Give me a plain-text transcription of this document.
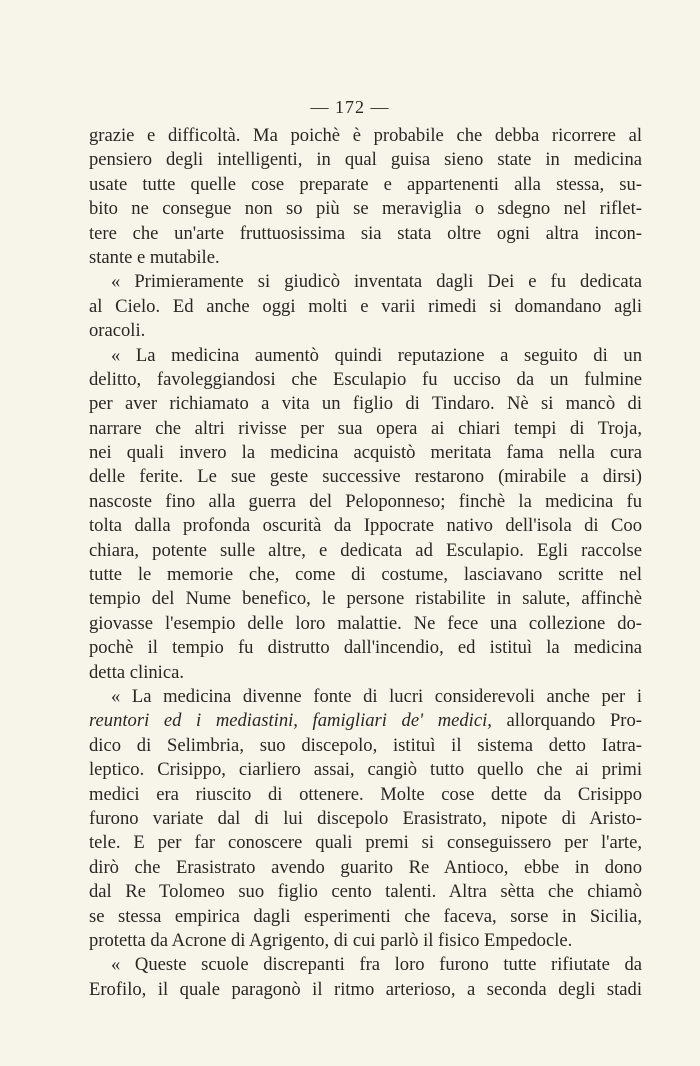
— 172 —
grazie e difficoltà. Ma poichè è probabile che debba ricorrere al
pensiero degli intelligenti, in qual guisa sieno state in medicina
usate tutte quelle cose preparate e appartenenti alla stessa, su-
bito ne consegue non so più se meraviglia o sdegno nel riflet-
tere che un'arte fruttuosissima sia stata oltre ogni altra incon-
stante e mutabile.
« Primieramente si giudicò inventata dagli Dei e fu dedicata
al Cielo. Ed anche oggi molti e varii rimedi si domandano agli
oracoli.
« La medicina aumentò quindi reputazione a seguito di un
delitto, favoleggiandosi che Esculapio fu ucciso da un fulmine
per aver richiamato a vita un figlio di Tindaro. Nè si mancò di
narrare che altri rivisse per sua opera ai chiari tempi di Troja,
nei quali invero la medicina acquistò meritata fama nella cura
delle ferite. Le sue geste successive restarono (mirabile a dirsi)
nascoste fino alla guerra del Peloponneso; finchè la medicina fu
tolta dalla profonda oscurità da Ippocrate nativo dell'isola di Coo
chiara, potente sulle altre, e dedicata ad Esculapio. Egli raccolse
tutte le memorie che, come di costume, lasciavano scritte nel
tempio del Nume benefico, le persone ristabilite in salute, affinchè
giovasse l'esempio delle loro malattie. Ne fece una collezione do-
pochè il tempio fu distrutto dall'incendio, ed istituì la medicina
detta clinica.
« La medicina divenne fonte di lucri considerevoli anche per i
reuntori ed i mediastini, famigliari de' medici, allorquando Pro-
dico di Selimbria, suo discepolo, istituì il sistema detto Iatra-
leptico. Crisippo, ciarliero assai, cangiò tutto quello che ai primi
medici era riuscito di ottenere. Molte cose dette da Crisippo
furono variate dal di lui discepolo Erasistrato, nipote di Aristo-
tele. E per far conoscere quali premi si conseguissero per l'arte,
dirò che Erasistrato avendo guarito Re Antioco, ebbe in dono
dal Re Tolomeo suo figlio cento talenti. Altra sètta che chiamò
se stessa empirica dagli esperimenti che faceva, sorse in Sicilia,
protetta da Acrone di Agrigento, di cui parlò il fisico Empedocle.
« Queste scuole discrepanti fra loro furono tutte rifiutate da
Erofilo, il quale paragonò il ritmo arterioso, a seconda degli stadi
